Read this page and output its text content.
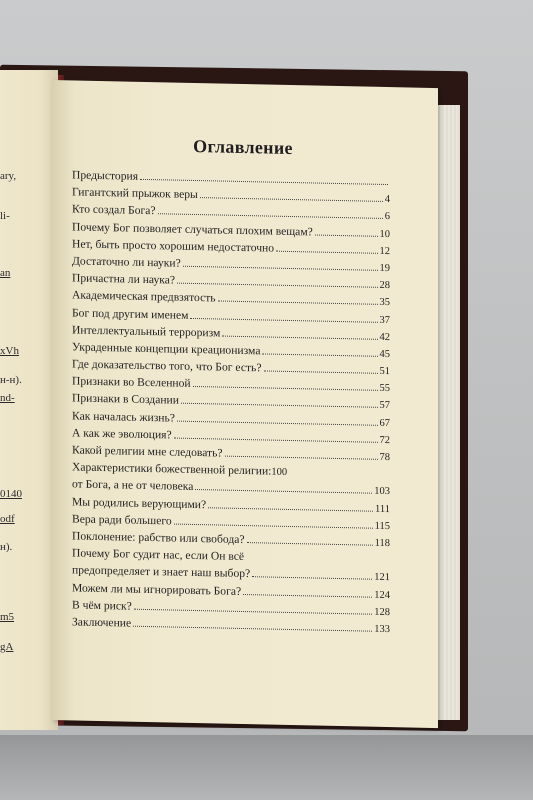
ary,
li-
an
xVh
н-н).
nd-
0140
odf
н).
m5
gA
Оглавление
Предыстория
Гигантский прыжок веры	4
Кто создал Бога?	6
Почему Бог позволяет случаться плохим вещам?	10
Нет, быть просто хорошим недостаточно	12
Достаточно ли науки?	19
Причастна ли наука?	28
Академическая предвзятость	35
Бог под другим именем	37
Интеллектуальный терроризм	42
Украденные концепции креационизма	45
Где доказательство того, что Бог есть?	51
Признаки во Вселенной	55
Признаки в Создании	57
Как началась жизнь?	67
А как же эволюция?	72
Какой религии мне следовать?	78
Характеристики божественной религии: 100
от Бога, а не от человека	103
Мы родились верующими?	111
Вера ради большего	115
Поклонение: рабство или свобода?	118
Почему Бог судит нас, если Он всё
предопределяет и знает наш выбор?	121
Можем ли мы игнорировать Бога?	124
В чём риск?	128
Заключение	133
